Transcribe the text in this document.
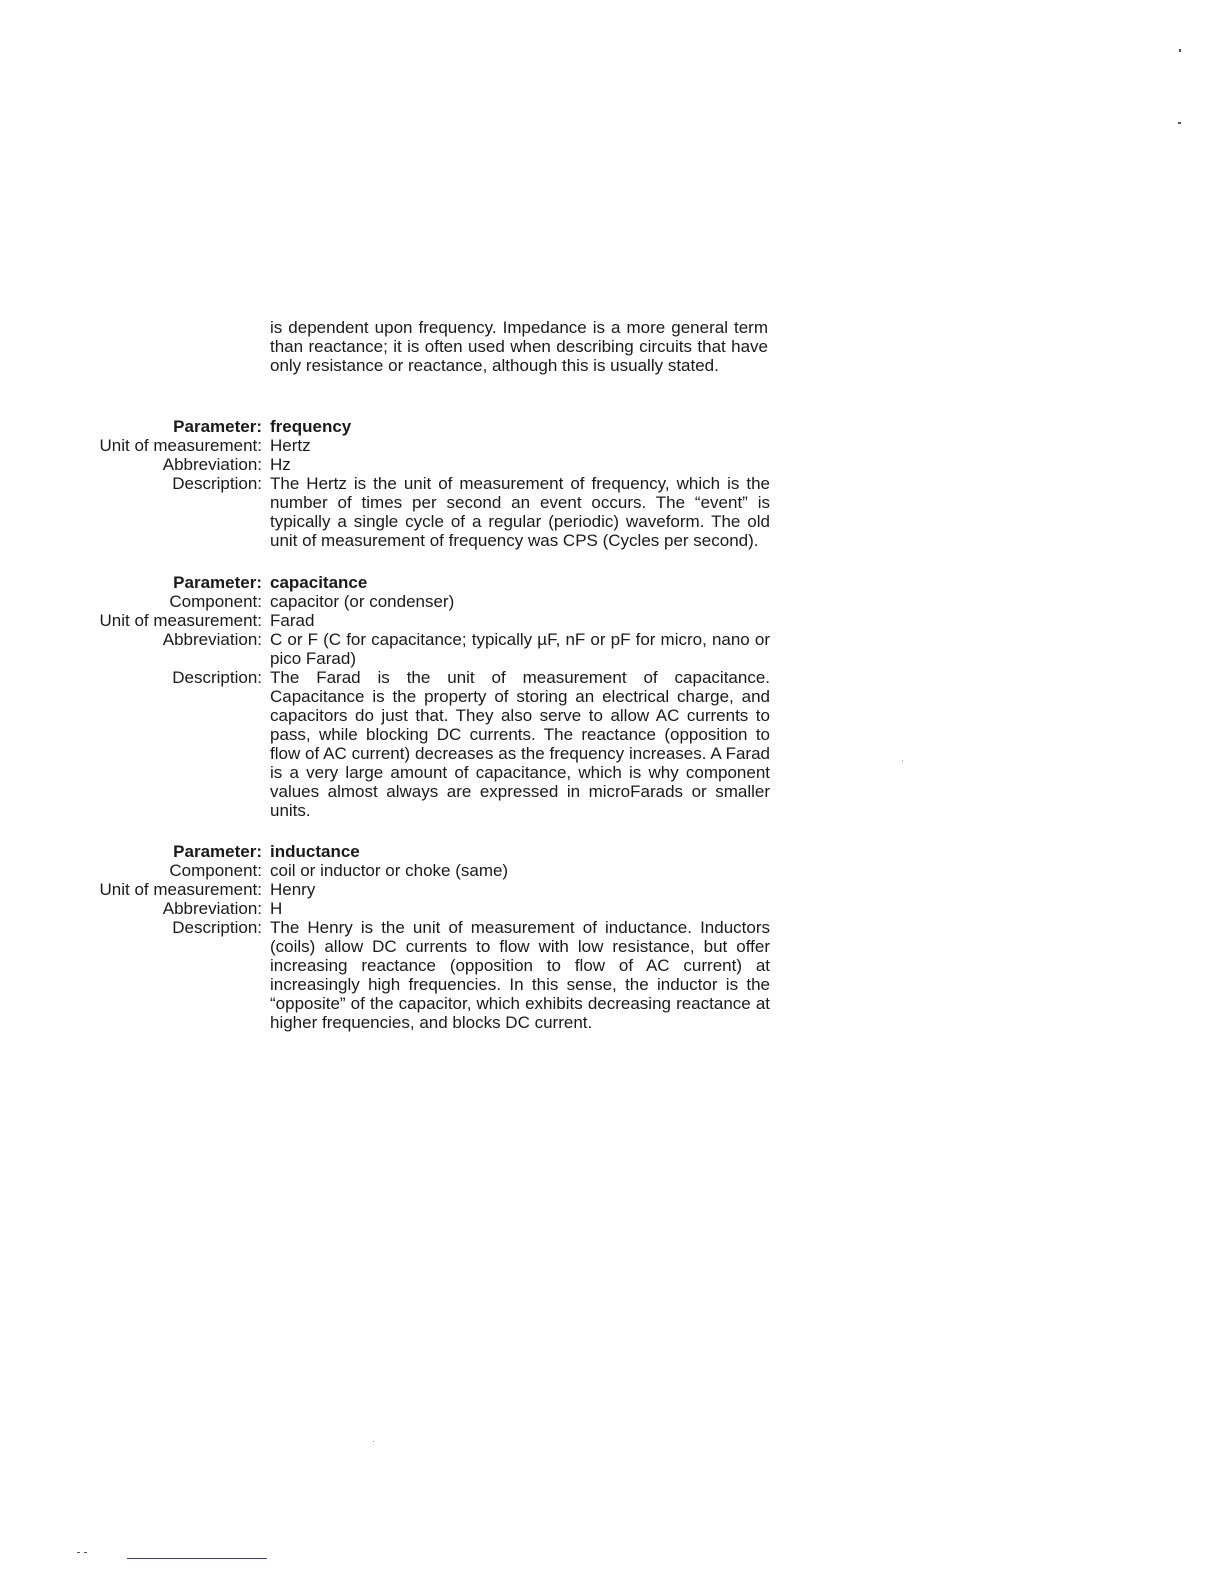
is dependent upon frequency. Impedance is a more general term than reactance; it is often used when describing circuits that have only resistance or reactance, although this is usually stated.
Parameter: frequency
Unit of measurement: Hertz
Abbreviation: Hz
Description: The Hertz is the unit of measurement of frequency, which is the number of times per second an event occurs. The “event” is typically a single cycle of a regular (periodic) waveform. The old unit of measurement of frequency was CPS (Cycles per second).
Parameter: capacitance
Component: capacitor (or condenser)
Unit of measurement: Farad
Abbreviation: C or F (C for capacitance; typically µF, nF or pF for micro, nano or pico Farad)
Description: The Farad is the unit of measurement of capacitance. Capacitance is the property of storing an electrical charge, and capacitors do just that. They also serve to allow AC currents to pass, while blocking DC currents. The reactance (opposition to flow of AC current) decreases as the frequency increases. A Farad is a very large amount of capacitance, which is why component values almost always are expressed in microFarads or smaller units.
Parameter: inductance
Component: coil or inductor or choke (same)
Unit of measurement: Henry
Abbreviation: H
Description: The Henry is the unit of measurement of inductance. Inductors (coils) allow DC currents to flow with low resistance, but offer increasing reactance (opposition to flow of AC current) at increasingly high frequencies. In this sense, the inductor is the “opposite” of the capacitor, which exhibits decreasing reactance at higher frequencies, and blocks DC current.
